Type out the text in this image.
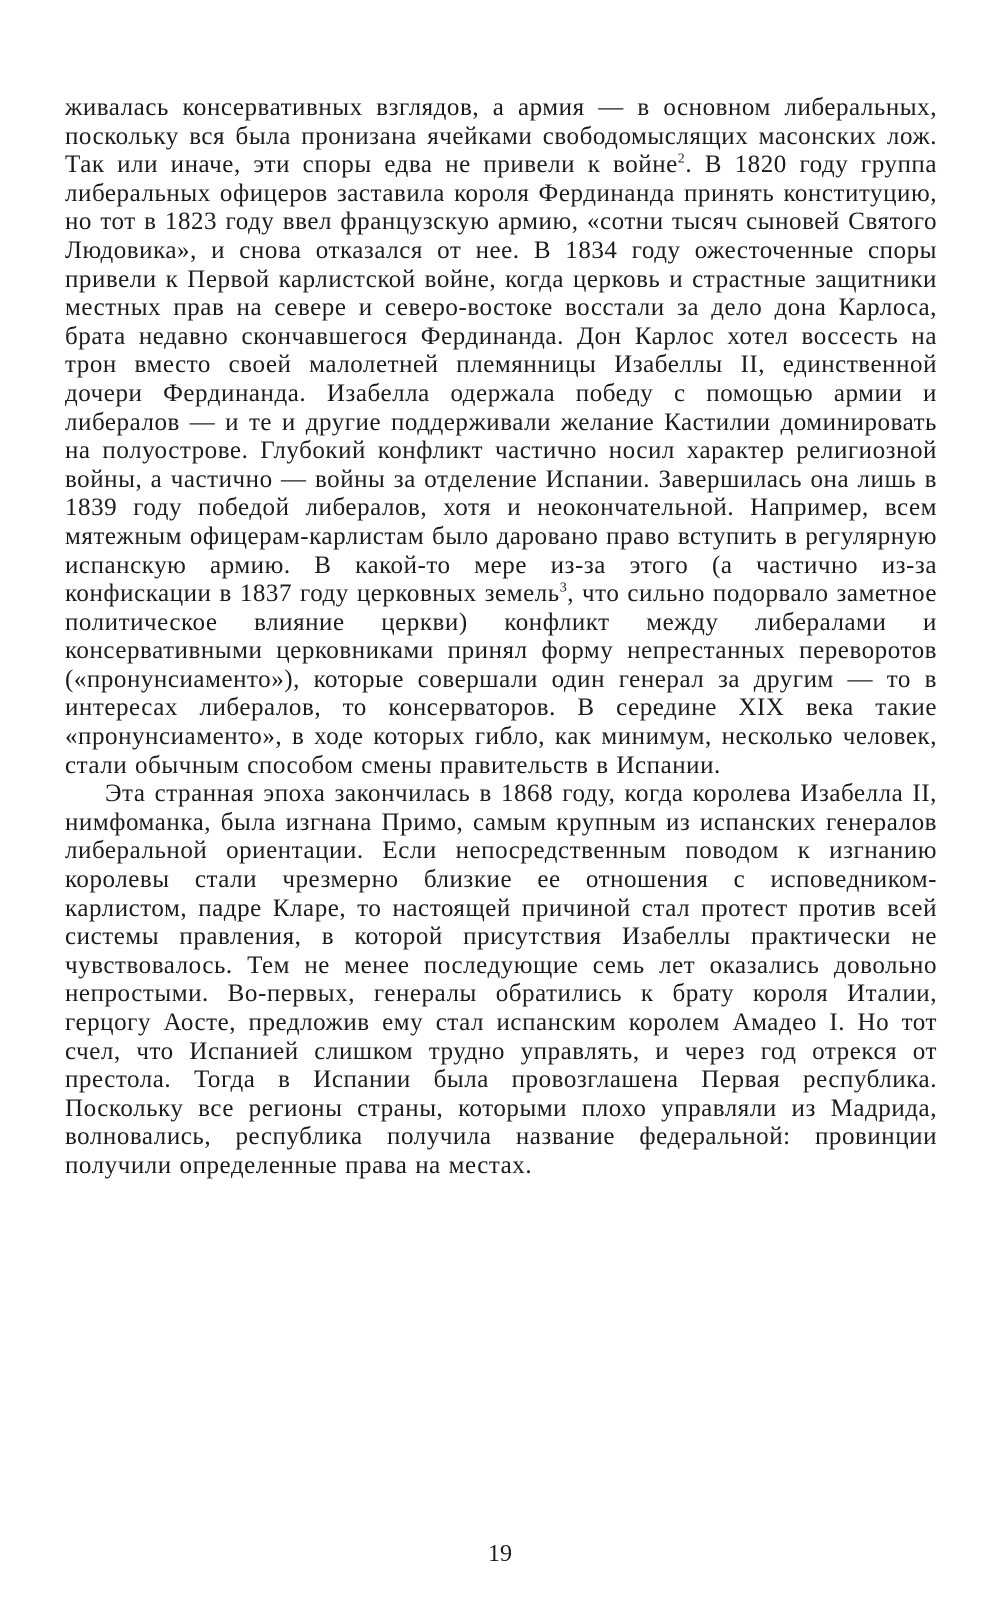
живалась консервативных взглядов, а армия — в основном либеральных, поскольку вся была пронизана ячейками свободомыслящих масонских лож. Так или иначе, эти споры едва не привели к войне$^2$. В 1820 году группа либеральных офицеров заставила короля Фердинанда принять конституцию, но тот в 1823 году ввел французскую армию, «сотни тысяч сыновей Святого Людовика», и снова отказался от нее. В 1834 году ожесточенные споры привели к Первой карлистской войне, когда церковь и страстные защитники местных прав на севере и северо-востоке восстали за дело дона Карлоса, брата недавно скончавшегося Фердинанда. Дон Карлос хотел воссесть на трон вместо своей малолетней племянницы Изабеллы II, единственной дочери Фердинанда. Изабелла одержала победу с помощью армии и либералов — и те и другие поддерживали желание Кастилии доминировать на полуострове. Глубокий конфликт частично носил характер религиозной войны, а частично — войны за отделение Испании. Завершилась она лишь в 1839 году победой либералов, хотя и неокончательной. Например, всем мятежным офицерам-карлистам было даровано право вступить в регулярную испанскую армию. В какой-то мере из-за этого (а частично из-за конфискации в 1837 году церковных земель$^3$, что сильно подорвало заметное политическое влияние церкви) конфликт между либералами и консервативными церковниками принял форму непрестанных переворотов («пронунсиаменто»), которые совершали один генерал за другим — то в интересах либералов, то консерваторов. В середине XIX века такие «пронунсиаменто», в ходе которых гибло, как минимум, несколько человек, стали обычным способом смены правительств в Испании.

Эта странная эпоха закончилась в 1868 году, когда королева Изабелла II, нимфоманка, была изгнана Примо, самым крупным из испанских генералов либеральной ориентации. Если непосредственным поводом к изгнанию королевы стали чрезмерно близкие ее отношения с исповедником-карлистом, падре Кларе, то настоящей причиной стал протест против всей системы правления, в которой присутствия Изабеллы практически не чувствовалось. Тем не менее последующие семь лет оказались довольно непростыми. Во-первых, генералы обратились к брату короля Италии, герцогу Аосте, предложив ему стал испанским королем Амадео I. Но тот счел, что Испанией слишком трудно управлять, и через год отрекся от престола. Тогда в Испании была провозглашена Первая республика. Поскольку все регионы страны, которыми плохо управляли из Мадрида, волновались, республика получила название федеральной: провинции получили определенные права на местах.

19
